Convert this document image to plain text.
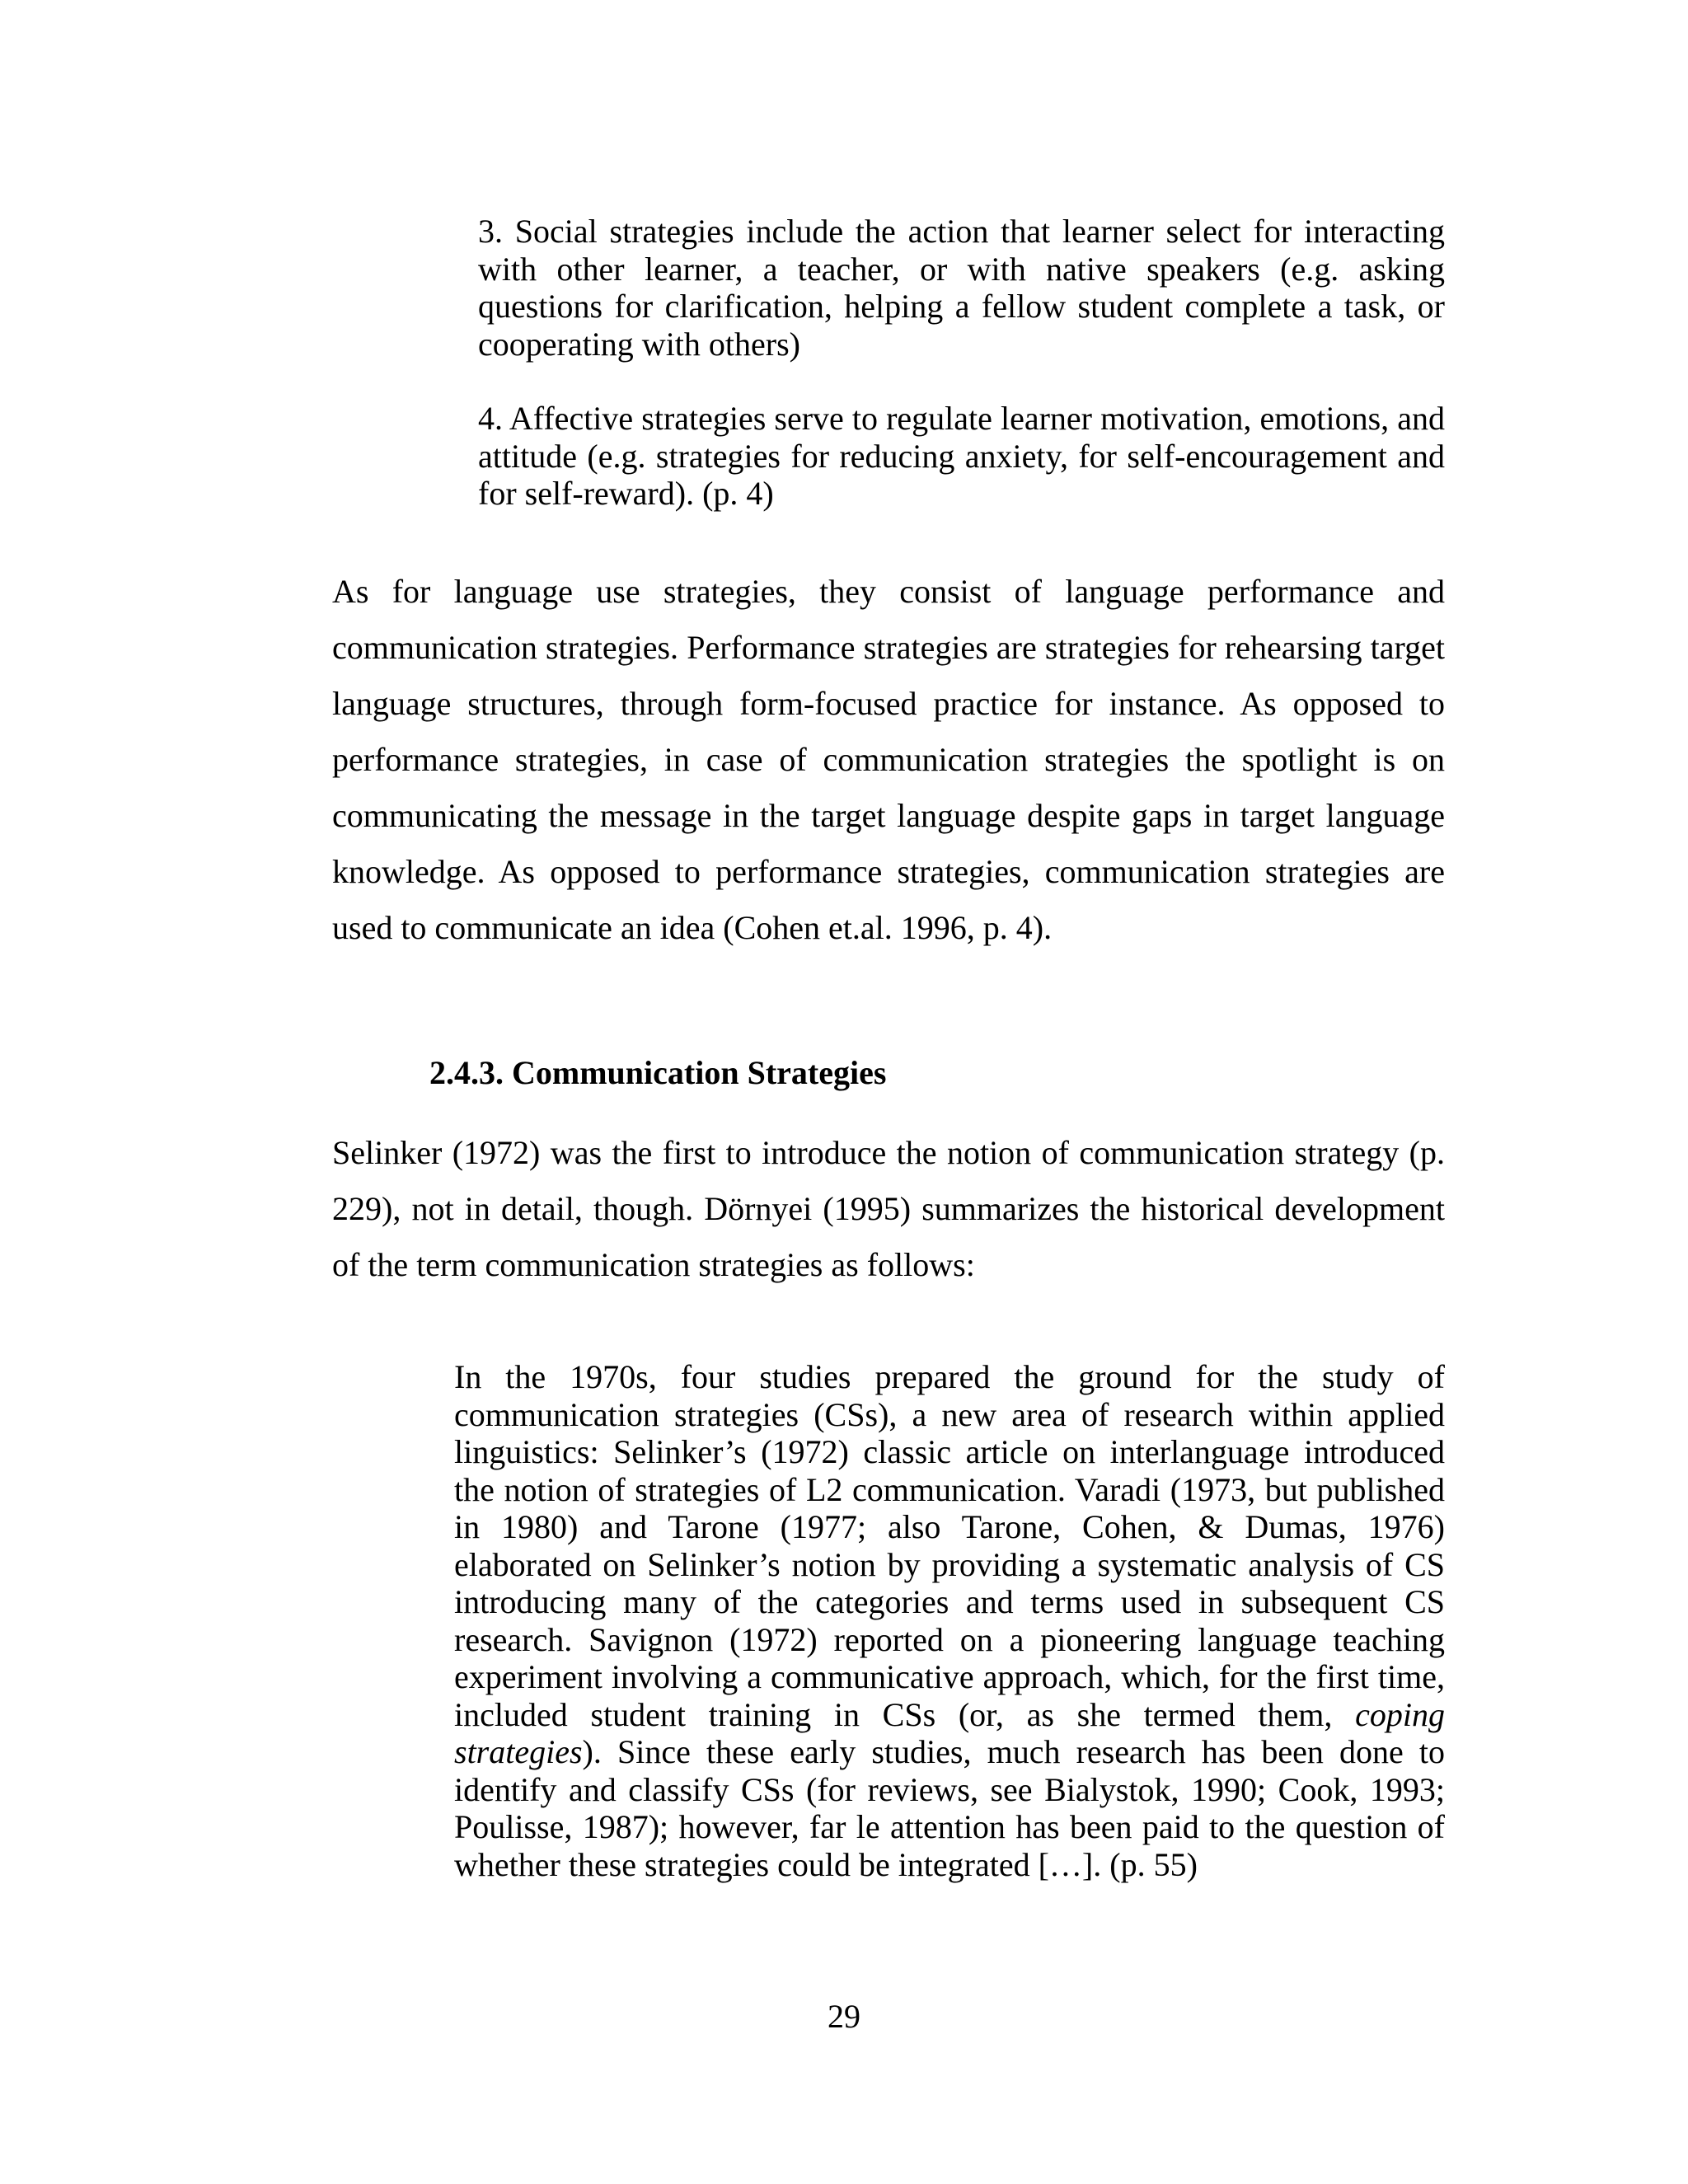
3. Social strategies include the action that learner select for interacting with other learner, a teacher, or with native speakers (e.g. asking questions for clarification, helping a fellow student complete a task, or cooperating with others)

4. Affective strategies serve to regulate learner motivation, emotions, and attitude (e.g. strategies for reducing anxiety, for self-encouragement and for self-reward). (p. 4)

As for language use strategies, they consist of language performance and communication strategies. Performance strategies are strategies for rehearsing target language structures, through form-focused practice for instance. As opposed to performance strategies, in case of communication strategies the spotlight is on communicating the message in the target language despite gaps in target language knowledge. As opposed to performance strategies, communication strategies are used to communicate an idea (Cohen et.al. 1996, p. 4).

2.4.3. Communication Strategies

Selinker (1972) was the first to introduce the notion of communication strategy (p. 229), not in detail, though. Dörnyei (1995) summarizes the historical development of the term communication strategies as follows:

In the 1970s, four studies prepared the ground for the study of communication strategies (CSs), a new area of research within applied linguistics: Selinker’s (1972) classic article on interlanguage introduced the notion of strategies of L2 communication. Varadi (1973, but published in 1980) and Tarone (1977; also Tarone, Cohen, & Dumas, 1976) elaborated on Selinker’s notion by providing a systematic analysis of CS introducing many of the categories and terms used in subsequent CS research. Savignon (1972) reported on a pioneering language teaching experiment involving a communicative approach, which, for the first time, included student training in CSs (or, as she termed them, coping strategies). Since these early studies, much research has been done to identify and classify CSs (for reviews, see Bialystok, 1990; Cook, 1993; Poulisse, 1987); however, far le attention has been paid to the question of whether these strategies could be integrated […]. (p. 55)

29
